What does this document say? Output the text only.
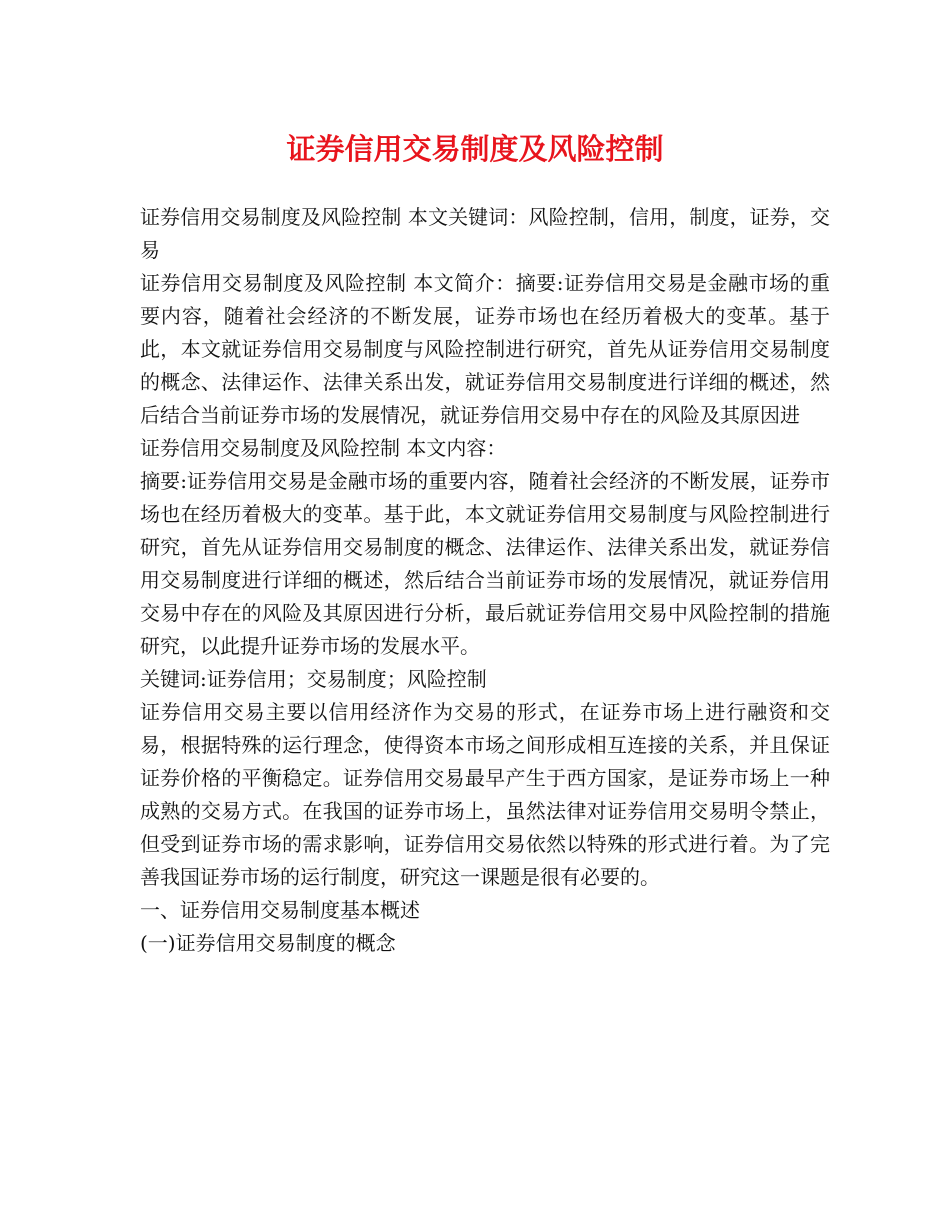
证券信用交易制度及风险控制

证券信用交易制度及风险控制 本文关键词：风险控制，信用，制度，证券，交易

证券信用交易制度及风险控制 本文简介：摘要:证券信用交易是金融市场的重要内容，随着社会经济的不断发展，证券市场也在经历着极大的变革。基于此，本文就证券信用交易制度与风险控制进行研究，首先从证券信用交易制度的概念、法律运作、法律关系出发，就证券信用交易制度进行详细的概述，然后结合当前证券市场的发展情况，就证券信用交易中存在的风险及其原因进

证券信用交易制度及风险控制 本文内容：

摘要:证券信用交易是金融市场的重要内容，随着社会经济的不断发展，证券市场也在经历着极大的变革。基于此，本文就证券信用交易制度与风险控制进行研究，首先从证券信用交易制度的概念、法律运作、法律关系出发，就证券信用交易制度进行详细的概述，然后结合当前证券市场的发展情况，就证券信用交易中存在的风险及其原因进行分析，最后就证券信用交易中风险控制的措施研究，以此提升证券市场的发展水平。

关键词:证券信用；交易制度；风险控制

证券信用交易主要以信用经济作为交易的形式，在证券市场上进行融资和交易，根据特殊的运行理念，使得资本市场之间形成相互连接的关系，并且保证证券价格的平衡稳定。证券信用交易最早产生于西方国家，是证券市场上一种成熟的交易方式。在我国的证券市场上，虽然法律对证券信用交易明令禁止，但受到证券市场的需求影响，证券信用交易依然以特殊的形式进行着。为了完善我国证券市场的运行制度，研究这一课题是很有必要的。

一、证券信用交易制度基本概述

(一)证券信用交易制度的概念
